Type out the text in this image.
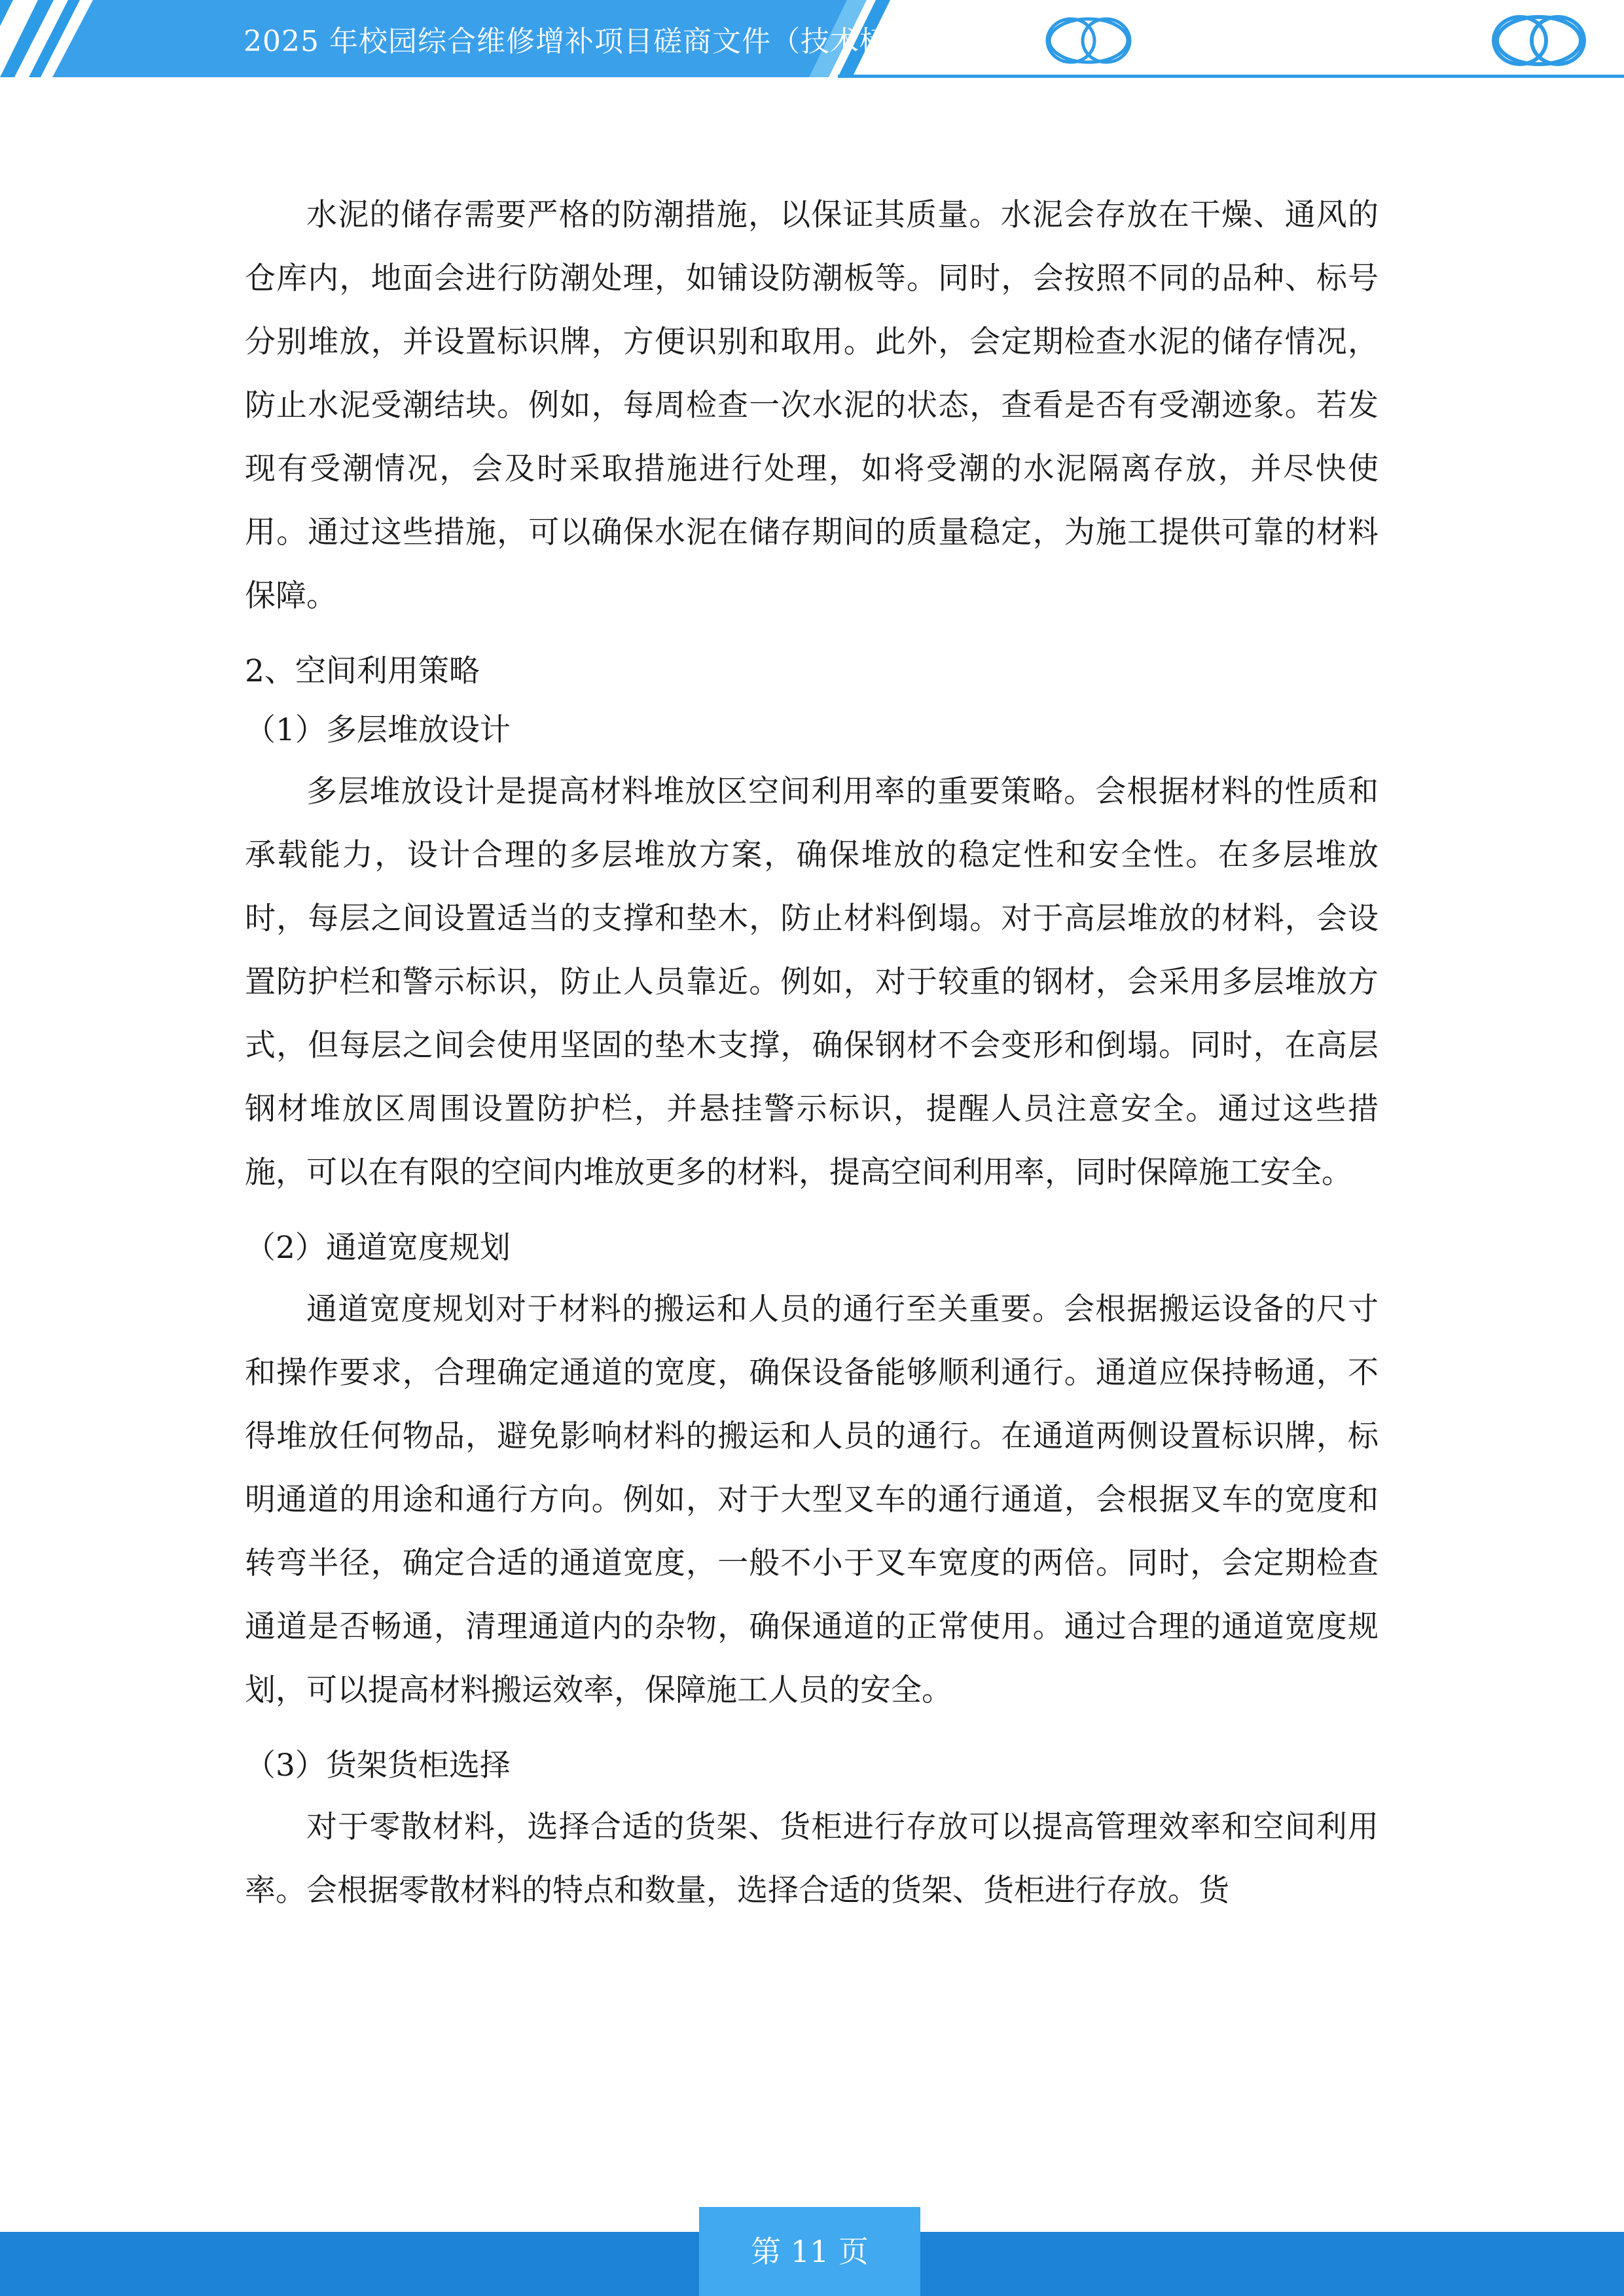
2025 年校园综合维修增补项目磋商文件（技术标）

水泥的储存需要严格的防潮措施，以保证其质量。水泥会存放在干燥、通风的仓库内，地面会进行防潮处理，如铺设防潮板等。同时，会按照不同的品种、标号分别堆放，并设置标识牌，方便识别和取用。此外，会定期检查水泥的储存情况，防止水泥受潮结块。例如，每周检查一次水泥的状态，查看是否有受潮迹象。若发现有受潮情况，会及时采取措施进行处理，如将受潮的水泥隔离存放，并尽快使用。通过这些措施，可以确保水泥在储存期间的质量稳定，为施工提供可靠的材料保障。

2、空间利用策略

（1）多层堆放设计

多层堆放设计是提高材料堆放区空间利用率的重要策略。会根据材料的性质和承载能力，设计合理的多层堆放方案，确保堆放的稳定性和安全性。在多层堆放时，每层之间设置适当的支撑和垫木，防止材料倒塌。对于高层堆放的材料，会设置防护栏和警示标识，防止人员靠近。例如，对于较重的钢材，会采用多层堆放方式，但每层之间会使用坚固的垫木支撑，确保钢材不会变形和倒塌。同时，在高层钢材堆放区周围设置防护栏，并悬挂警示标识，提醒人员注意安全。通过这些措施，可以在有限的空间内堆放更多的材料，提高空间利用率，同时保障施工安全。

（2）通道宽度规划

通道宽度规划对于材料的搬运和人员的通行至关重要。会根据搬运设备的尺寸和操作要求，合理确定通道的宽度，确保设备能够顺利通行。通道应保持畅通，不得堆放任何物品，避免影响材料的搬运和人员的通行。在通道两侧设置标识牌，标明通道的用途和通行方向。例如，对于大型叉车的通行通道，会根据叉车的宽度和转弯半径，确定合适的通道宽度，一般不小于叉车宽度的两倍。同时，会定期检查通道是否畅通，清理通道内的杂物，确保通道的正常使用。通过合理的通道宽度规划，可以提高材料搬运效率，保障施工人员的安全。

（3）货架货柜选择

对于零散材料，选择合适的货架、货柜进行存放可以提高管理效率和空间利用率。会根据零散材料的特点和数量，选择合适的货架、货柜进行存放。货

第 11 页
